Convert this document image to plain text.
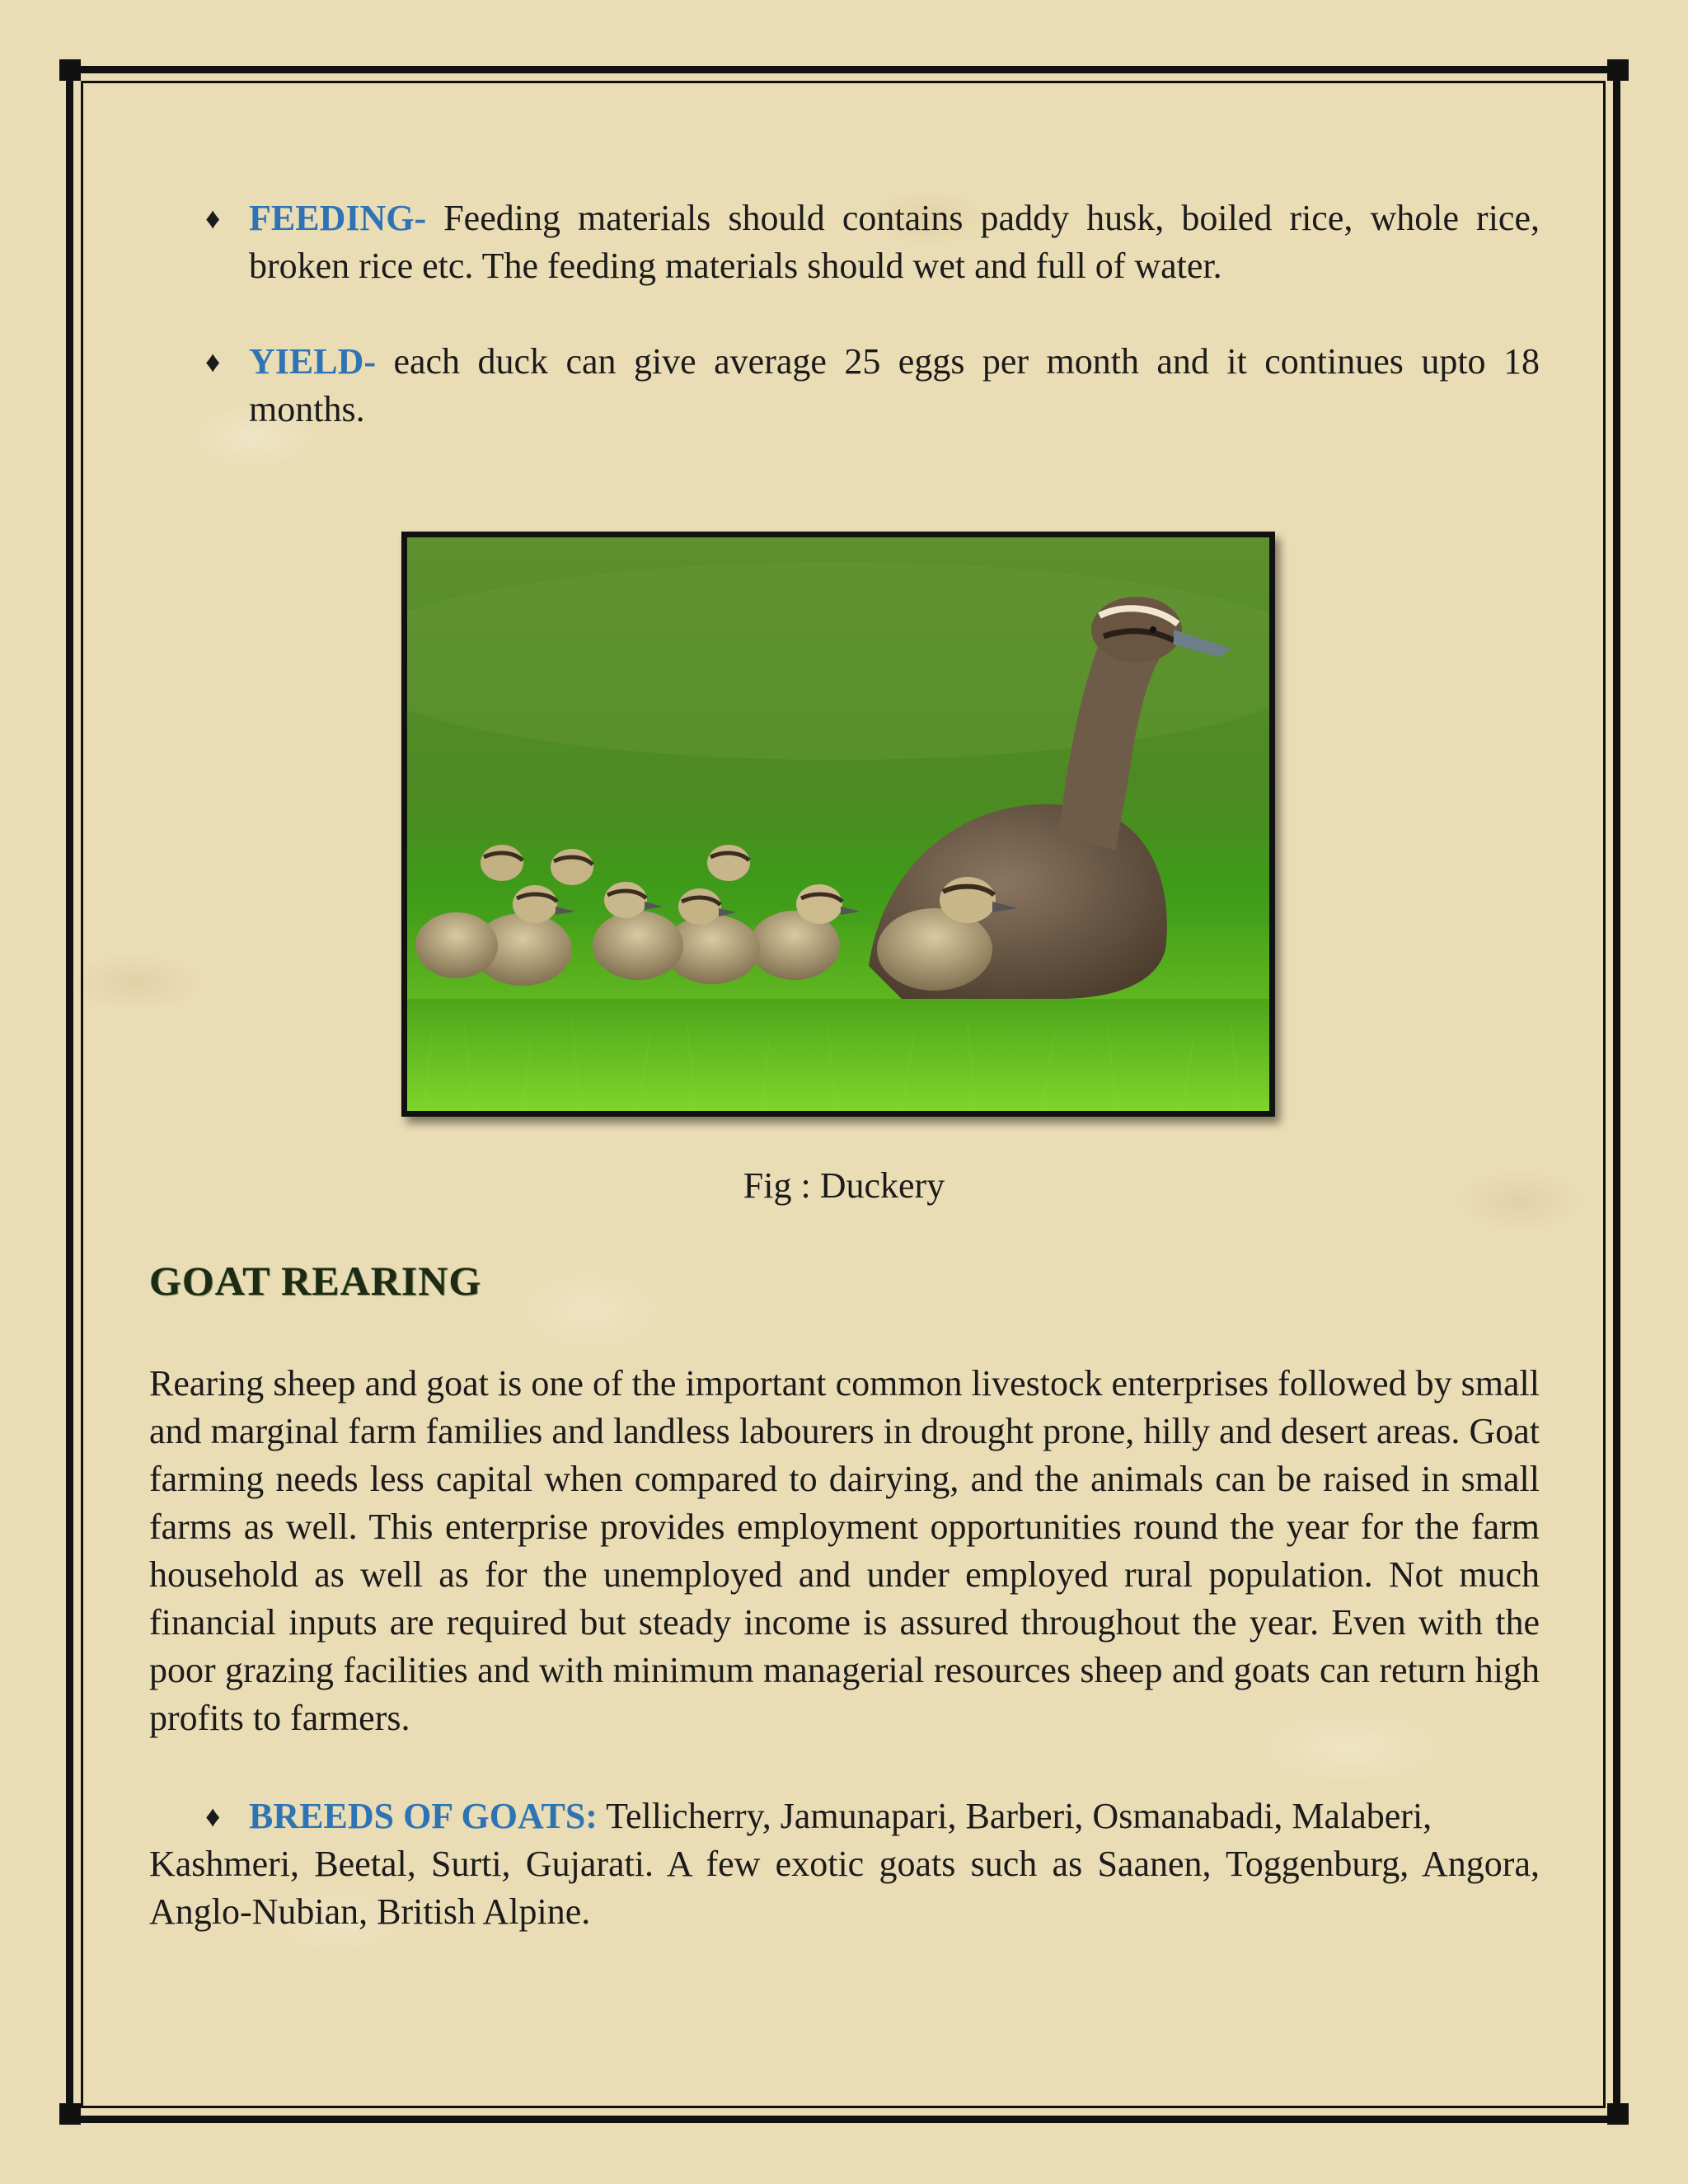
♦ FEEDING- Feeding materials should contains paddy husk, boiled rice, whole rice, broken rice etc. The feeding materials should wet and full of water.

♦ YIELD- each duck can give average 25 eggs per month and it continues upto 18 months.

Fig : Duckery
GOAT REARING

Rearing sheep and goat is one of the important common livestock enterprises followed by small and marginal farm families and landless labourers in drought prone, hilly and desert areas. Goat farming needs less capital when compared to dairying, and the animals can be raised in small farms as well. This enterprise provides employment opportunities round the year for the farm household as well as for the unemployed and under employed rural population. Not much financial inputs are required but steady income is assured throughout the year. Even with the poor grazing facilities and with minimum managerial resources sheep and goats can return high profits to farmers.

♦ BREEDS OF GOATS: Tellicherry, Jamunapari, Barberi, Osmanabadi, Malaberi,

Kashmeri, Beetal, Surti, Gujarati. A few exotic goats such as Saanen, Toggenburg, Angora, Anglo-Nubian, British Alpine.
